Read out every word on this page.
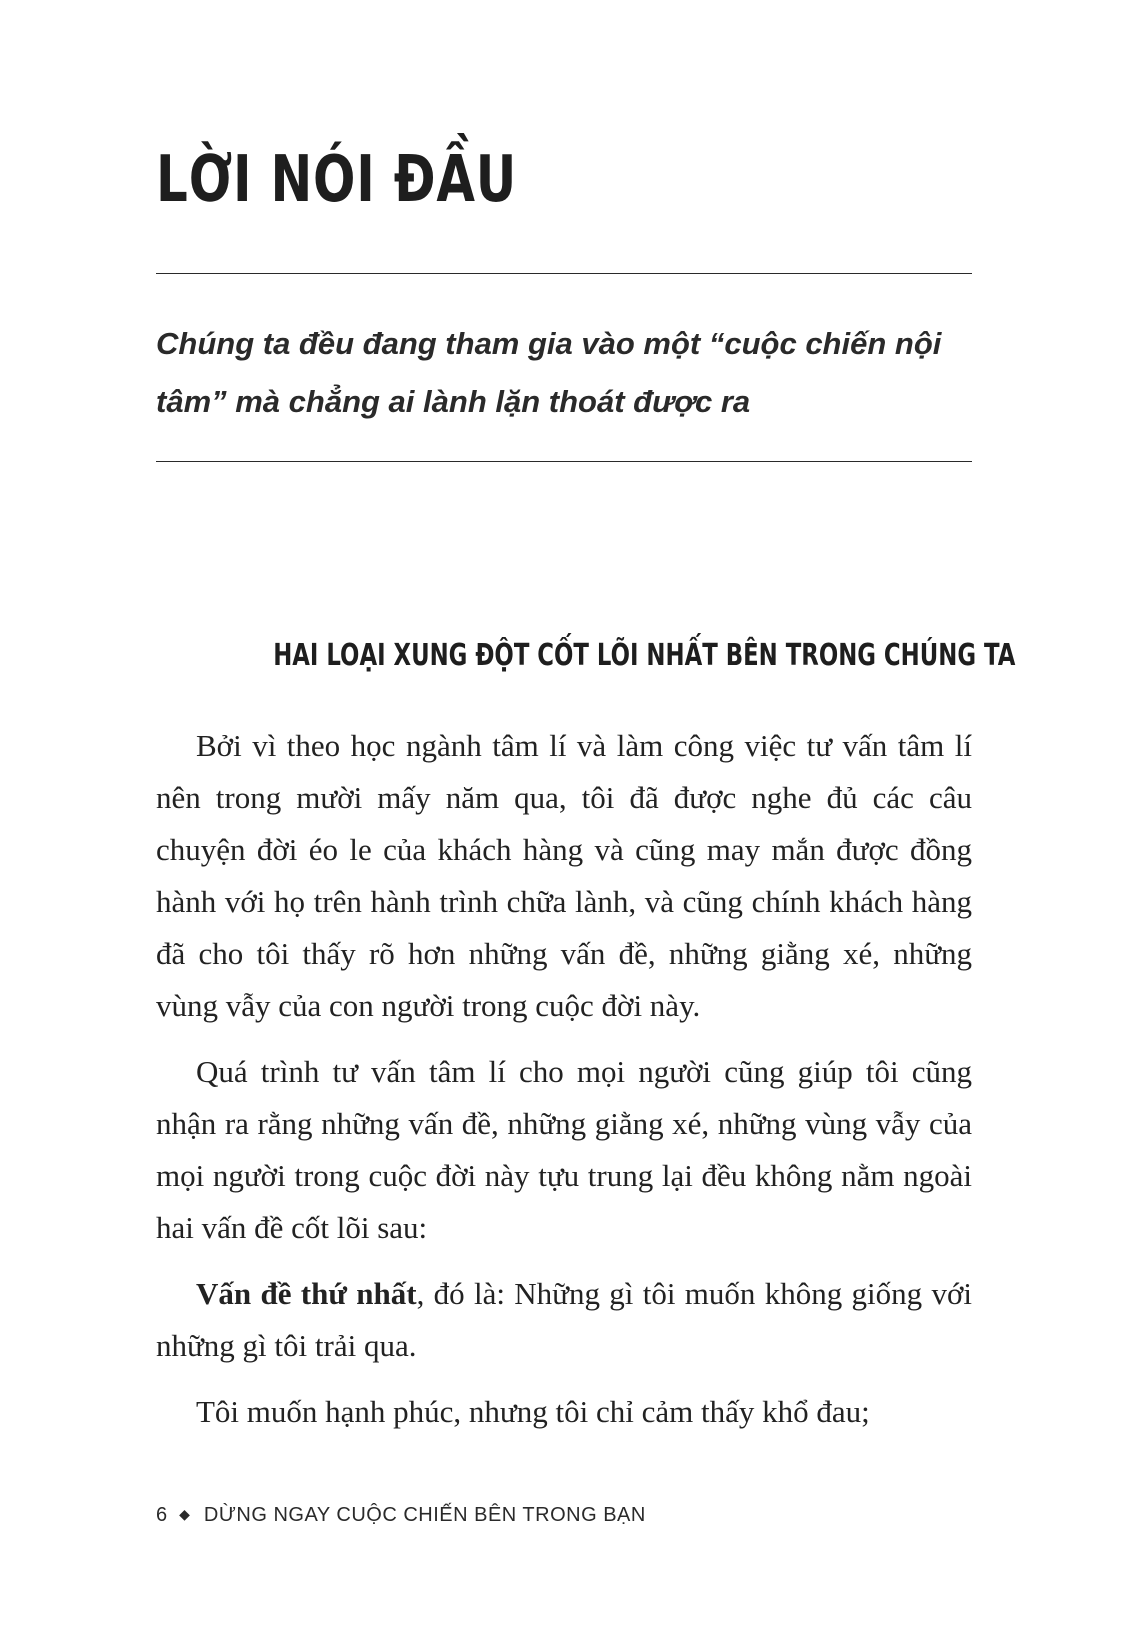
LỜI NÓI ĐẦU

Chúng ta đều đang tham gia vào một “cuộc chiến nội tâm” mà chẳng ai lành lặn thoát được ra

HAI LOẠI XUNG ĐỘT CỐT LÕI NHẤT BÊN TRONG CHÚNG TA

Bởi vì theo học ngành tâm lí và làm công việc tư vấn tâm lí nên trong mười mấy năm qua, tôi đã được nghe đủ các câu chuyện đời éo le của khách hàng và cũng may mắn được đồng hành với họ trên hành trình chữa lành, và cũng chính khách hàng đã cho tôi thấy rõ hơn những vấn đề, những giằng xé, những vùng vẫy của con người trong cuộc đời này.

Quá trình tư vấn tâm lí cho mọi người cũng giúp tôi cũng nhận ra rằng những vấn đề, những giằng xé, những vùng vẫy của mọi người trong cuộc đời này tựu trung lại đều không nằm ngoài hai vấn đề cốt lõi sau:

Vấn đề thứ nhất, đó là: Những gì tôi muốn không giống với những gì tôi trải qua.

Tôi muốn hạnh phúc, nhưng tôi chỉ cảm thấy khổ đau;

6 ◆ DỪNG NGAY CUỘC CHIẾN BÊN TRONG BẠN
